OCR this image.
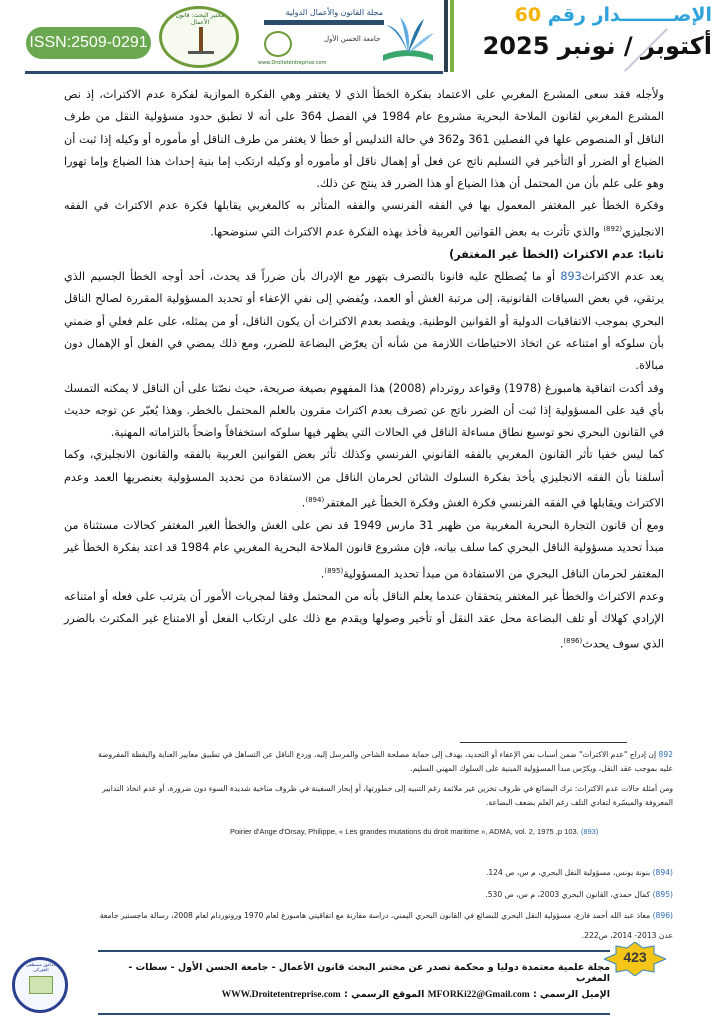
ISSN:2509-0291
مختبر البحث: قانون الأعمال
مجلة القانون والأعمال الدولية
جامعة الحسن الأول
www.Droitetentreprise.com
الإصــــــــدار رقم 60
أكتوبر / نونبر 2025

ولأجله فقد سعى المشرع المغربي على الاعتماد بفكرة الخطأ الذي لا يغتفر وهي الفكرة الموازية لفكرة عدم الاكتراث، إذ نص المشرع المغربي لقانون الملاحة البحرية مشروع عام 1984 في الفصل 364 على أنه لا تطبق حدود مسؤولية النقل من طرف الناقل أو المنصوص علها في الفصلين 361 و362 في حالة التدليس أو خطأ لا يغتفر من طرف الناقل أو مأموره أو وكيله إذا ثبت أن الضياع أو الضرر أو التأخير في التسليم ناتج عن فعل أو إهمال ناقل أو مأموره أو وكيله ارتكب إما بنية إحداث هذا الضياع وإما تهورا وهو على علم بأن من المحتمل أن هذا الضياع أو هذا الضرر قد ينتج عن ذلك.

وفكرة الخطأ غير المغتفر المعمول بها في الفقه الفرنسي والفقه المتأثر به كالمغربي يقابلها فكرة عدم الاكتراث في الفقه الانجليزي$^{(892)}$ والذي تأثرت به بعض القوانين العربية فأخذ بهذه الفكرة عدم الاكتراث التي سنوضحها.

ثانيا: عدم الاكتراث (الخطأ غير المغتفر)

يعد عدم الاكتراث893 أو ما يُصطلح عليه قانونا بالتصرف بتهور مع الإدراك بأن ضرراً قد يحدث، أحد أوجه الخطأ الجسيم الذي يرتقي، في بعض السياقات القانونية، إلى مرتبة الغش أو العمد، ويُفضي إلى نفي الإعفاء أو تحديد المسؤولية المقررة لصالح الناقل البحري بموجب الاتفاقيات الدولية أو القوانين الوطنية. ويقصد بعدم الاكتراث أن يكون الناقل، أو من يمثله، على علم فعلي أو ضمني بأن سلوكه أو امتناعه عن اتخاذ الاحتياطات اللازمة من شأنه أن يعرّض البضاعة للضرر، ومع ذلك يمضي في الفعل أو الإهمال دون مبالاة.

وقد أكدت اتفاقية هامبورغ (1978) وقواعد روتردام (2008) هذا المفهوم بصيغة صريحة، حيث نصّتا على أن الناقل لا يمكنه التمسك بأي قيد على المسؤولية إذا ثبت أن الضرر ناتج عن تصرف بعدم اكتراث مقرون بالعلم المحتمل بالخطر. وهذا يُعبّر عن توجه حديث في القانون البحري نحو توسيع نطاق مساءلة الناقل في الحالات التي يظهر فيها سلوكه استخفافاً واضحاً بالتزاماته المهنية.

كما ليس خفيا تأثر القانون المغربي بالفقه القانوني الفرنسي وكذلك تأثر بعض القوانين العربية بالفقه والقانون الانجليزي، وكما أسلفنا بأن الفقه الانجليزي يأخذ بفكرة السلوك الشائن لحرمان الناقل من الاستفادة من تحديد المسؤولية بعنصريها العمد وعدم الاكتراث ويقابلها في الفقه الفرنسي فكرة الغش وفكرة الخطأ غير المغتفر$^{(894)}$.

ومع أن قانون التجارة البحرية المغربية من ظهير 31 مارس 1949 قد نص على الغش والخطأ الغير المغتفر كحالات مستثناة من مبدأ تحديد مسؤولية الناقل البحري كما سلف بيانه، فإن مشروع قانون الملاحة البحرية المغربي عام 1984 قد اعتد بفكرة الخطأ غير المغتفر لحرمان الناقل البحري من الاستفادة من مبدأ تحديد المسؤولية$^{(895)}$.

وعدم الاكتراث والخطأ غير المغتفر يتحققان عندما يعلم الناقل بأنه من المحتمل وفقا لمجريات الأمور أن يترتب على فعله أو امتناعه الإرادي كهلاك أو تلف البضاعة محل عقد النقل أو تأخير وصولها ويقدم مع ذلك على ارتكاب الفعل أو الامتناع غير المكترث بالضرر الذي سوف يحدث$^{(896)}$.

892 إن إدراج "عدم الاكتراث" ضمن أسباب نفي الإعفاء أو التحديد، يهدف إلى حماية مصلحة الشاحن والمرسل إليه، وردع الناقل عن التساهل في تطبيق معايير العناية واليقظة المفروضة عليه بموجب عقد النقل، ويكرّس مبدأ المسؤولية المبنية على السلوك المهني السليم.

ومن أمثلة حالات عدم الاكتراث: ترك البضائع في ظروف تخزين غير ملائمة رغم التنبيه إلى خطورتها، أو إبحار السفينة في ظروف مناخية شديدة السوء دون ضرورة، أو عدم اتخاذ التدابير المعروفة والميسّرة لتفادي التلف رغم العلم بضعف البضاعة.

Poirier d'Ange d'Orsay, Philippe, « Les grandes mutations du droit maritime », ADMA, vol. 2, 1975 ,p 103. (893)

(894) بنونة يونس، مسؤولية النقل البحري، م س، ص 124.

(895) كمال حمدي، القانون البحري 2003، م س، ص 530.

(896) معاذ عبد الله أحمد فارع، مسؤولية النقل البحري للبضائع في القانون البحري اليمني، دراسة مقارنة مع اتفاقيتي هامبورغ لعام 1970 وروتوردام لعام 2008، رسالة ماجستير جامعة عدن 2013- 2014، ص222.

مجلة علمية معتمدة دوليا و محكمة تصدر عن مختبر البحث قانون الأعمال - جامعة الحسن الأول - سطات - المغرب
الإميل الرسمي : MFORKi22@Gmail.com الموقع الرسمي : WWW.Droitetentreprise.com
423
الدكتور مصطفى الفوركي
